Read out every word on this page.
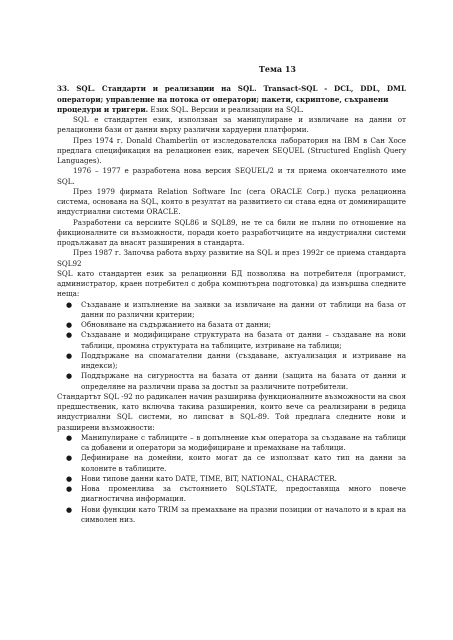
Тема 13

33. SQL. Стандарти и реализации на SQL. Transact-SQL - DCL, DDL, DML оператори; управление на потока от оператори; пакети, скриптове, съхранени
процедури и тригери. Език SQL. Версии и реализации на SQL.

SQL е стандартен език, използван за манипулиране и извличане на данни от релационни бази от данни върху различни хардуерни платформи.

През 1974 г. Donald Chamberlin от изследователска лаборатория на IBM в Сан Хосе предлага спецификация на релационен език, наречен SEQUEL (Structured English Query Languages).

1976 – 1977 е разработена нова версия SEQUEL/2 и тя приема окончателното име SQL.

През 1979 фирмата Relation Software Inc (сега ORACLE Corp.) пуска релационна система, основана на SQL, която в резултат на развитието си става една от доминиращите индустриални системи ORACLE.

Разработени са версиите SQL86 и SQL89, не те са били не пълни по отношение на фикционалните си възможности, поради което разработчиците на индустриални системи продължават да внасят разширения в стандарта.

През 1987 г. Започва работа върху развитие на SQL и през 1992г се приема стандарта SQL92

SQL като стандартен език за релационни БД позволява на потребителя (програмист, администратор, краен потребител с добра компютърна подготовка) да извършва следните неща:

● Създаване и изпълнение на заявки за извличане на данни от таблици на база от данни по различни критерии;
● Обновяване на съдържанието на базата от данни;
● Създаване и модифициране структурата на базата от данни – създаване на нови таблици, промяна структурата на таблиците, изтриване на таблици;
● Поддържане на спомагателни данни (създаване, актуализация и изтриване на индекси);
● Поддържане на сигурността на базата от данни (защита на базата от данни и определяне на различни права за достъп за различните потребители.

Стандартът SQL -92 по радикален начин разширява функционалните възможности на своя предшественик, като включва такива разширения, които вече са реализирани в редица индустриални SQL системи, но липсват в SQL-89. Той предлага следните нови и разширени възможности:

● Манипулиране с таблиците – в допълнение към оператора за създаване на таблици са добавени и оператори за модифициране и премахване на таблици.
● Дефиниране на домейни, които могат да се използват като тип на данни за колоните в таблиците.
● Нови типове данни като DATE, TIME, BIT, NATIONAL, CHARACTER.
● Нова променлива за състоянието SQLSTATE, предоставяща много повече диагностична информация.
● Нови функции като TRIM за премахване на празни позиции от началото и в края на символен низ.
